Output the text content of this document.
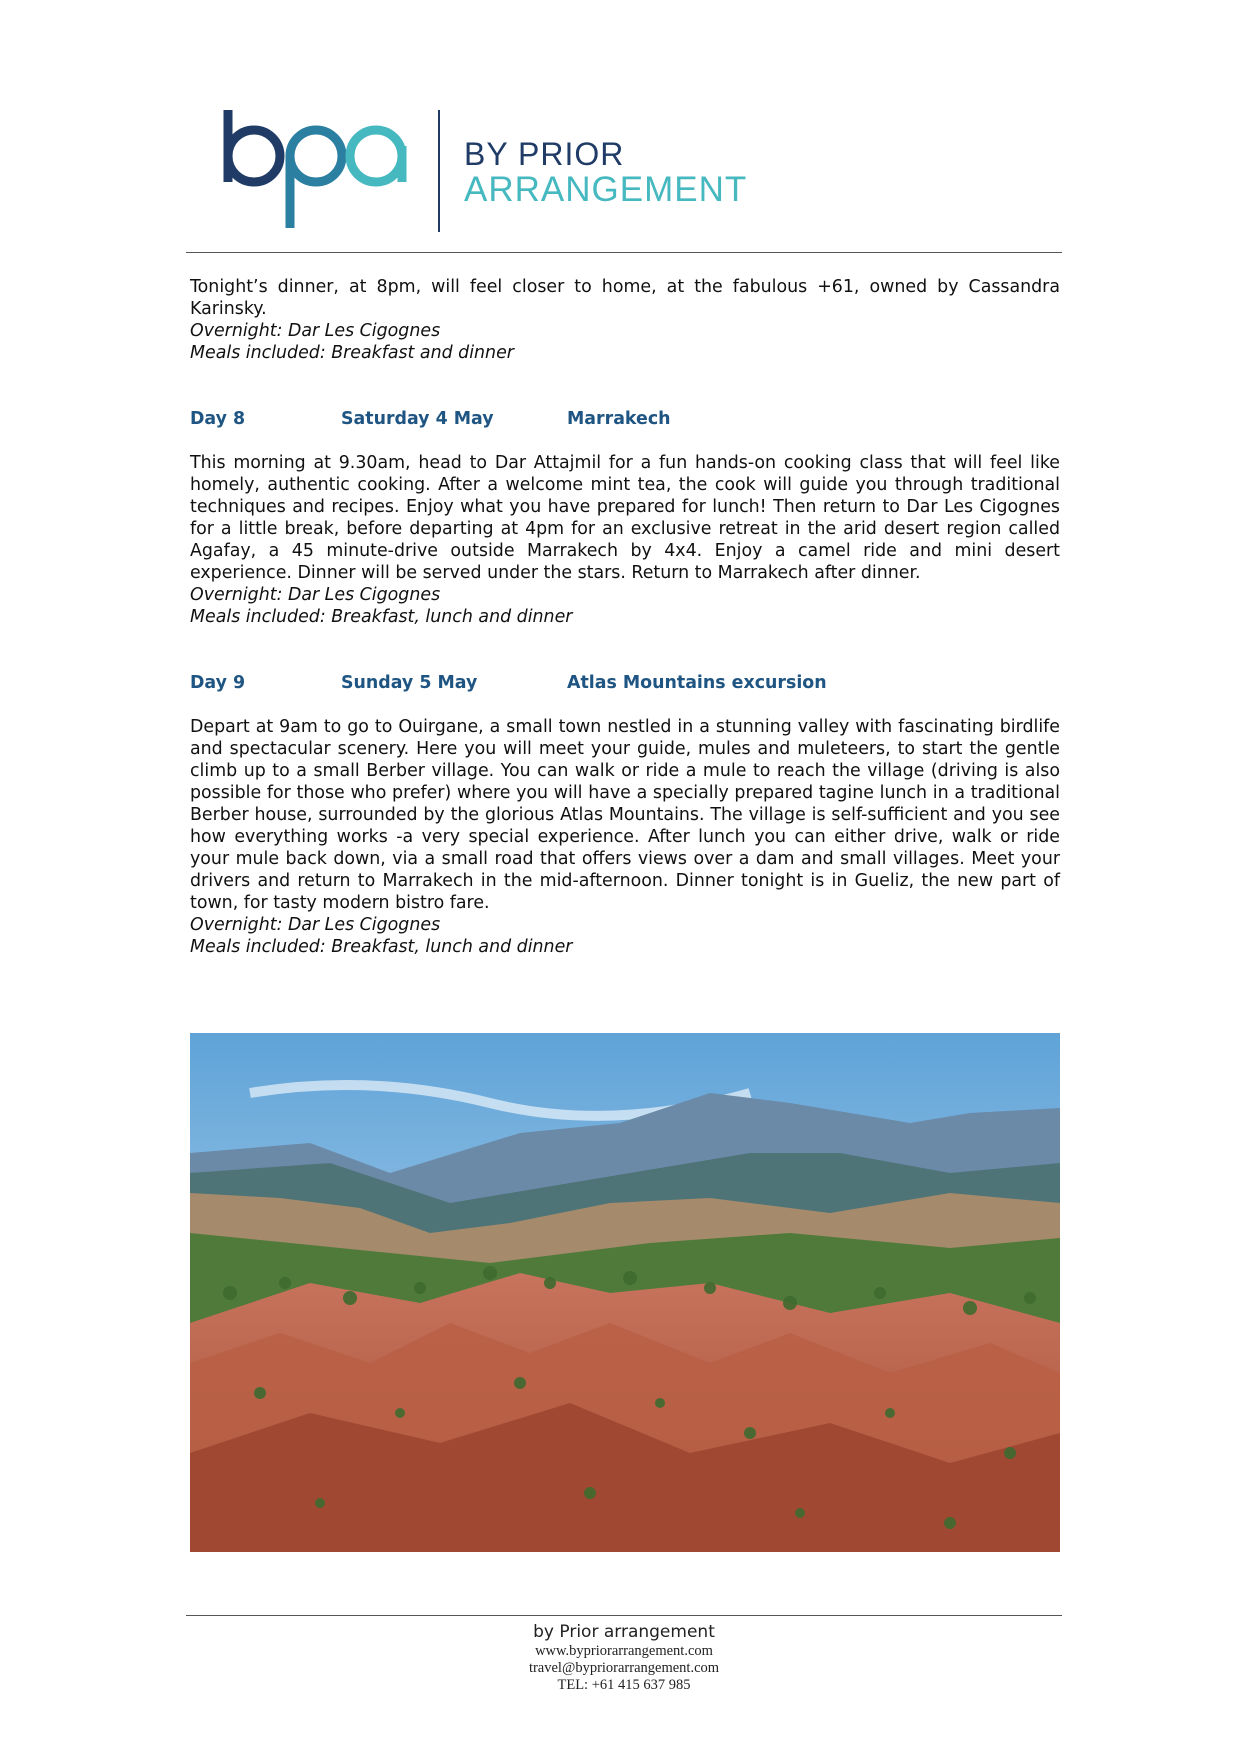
BY PRIOR
ARRANGEMENT

Tonight’s dinner, at 8pm, will feel closer to home, at the fabulous +61, owned by Cassandra Karinsky.

Overnight: Dar Les Cigognes

Meals included: Breakfast and dinner

Day 8	Saturday 4 May	Marrakech

This morning at 9.30am, head to Dar Attajmil for a fun hands-on cooking class that will feel like homely, authentic cooking. After a welcome mint tea, the cook will guide you through traditional techniques and recipes. Enjoy what you have prepared for lunch! Then return to Dar Les Cigognes for a little break, before departing at 4pm for an exclusive retreat in the arid desert region called Agafay, a 45 minute-drive outside Marrakech by 4x4. Enjoy a camel ride and mini desert experience. Dinner will be served under the stars. Return to Marrakech after dinner.

Overnight: Dar Les Cigognes

Meals included: Breakfast, lunch and dinner

Day 9	Sunday 5 May	Atlas Mountains excursion

Depart at 9am to go to Ouirgane, a small town nestled in a stunning valley with fascinating birdlife and spectacular scenery. Here you will meet your guide, mules and muleteers, to start the gentle climb up to a small Berber village. You can walk or ride a mule to reach the village (driving is also possible for those who prefer) where you will have a specially prepared tagine lunch in a traditional Berber house, surrounded by the glorious Atlas Mountains. The village is self-sufficient and you see how everything works -a very special experience. After lunch you can either drive, walk or ride your mule back down, via a small road that offers views over a dam and small villages. Meet your drivers and return to Marrakech in the mid-afternoon. Dinner tonight is in Gueliz, the new part of town, for tasty modern bistro fare.

Overnight: Dar Les Cigognes

Meals included: Breakfast, lunch and dinner

by Prior arrangement
www.bypriorarrangement.com
travel@bypriorarrangement.com
TEL: +61 415 637 985
